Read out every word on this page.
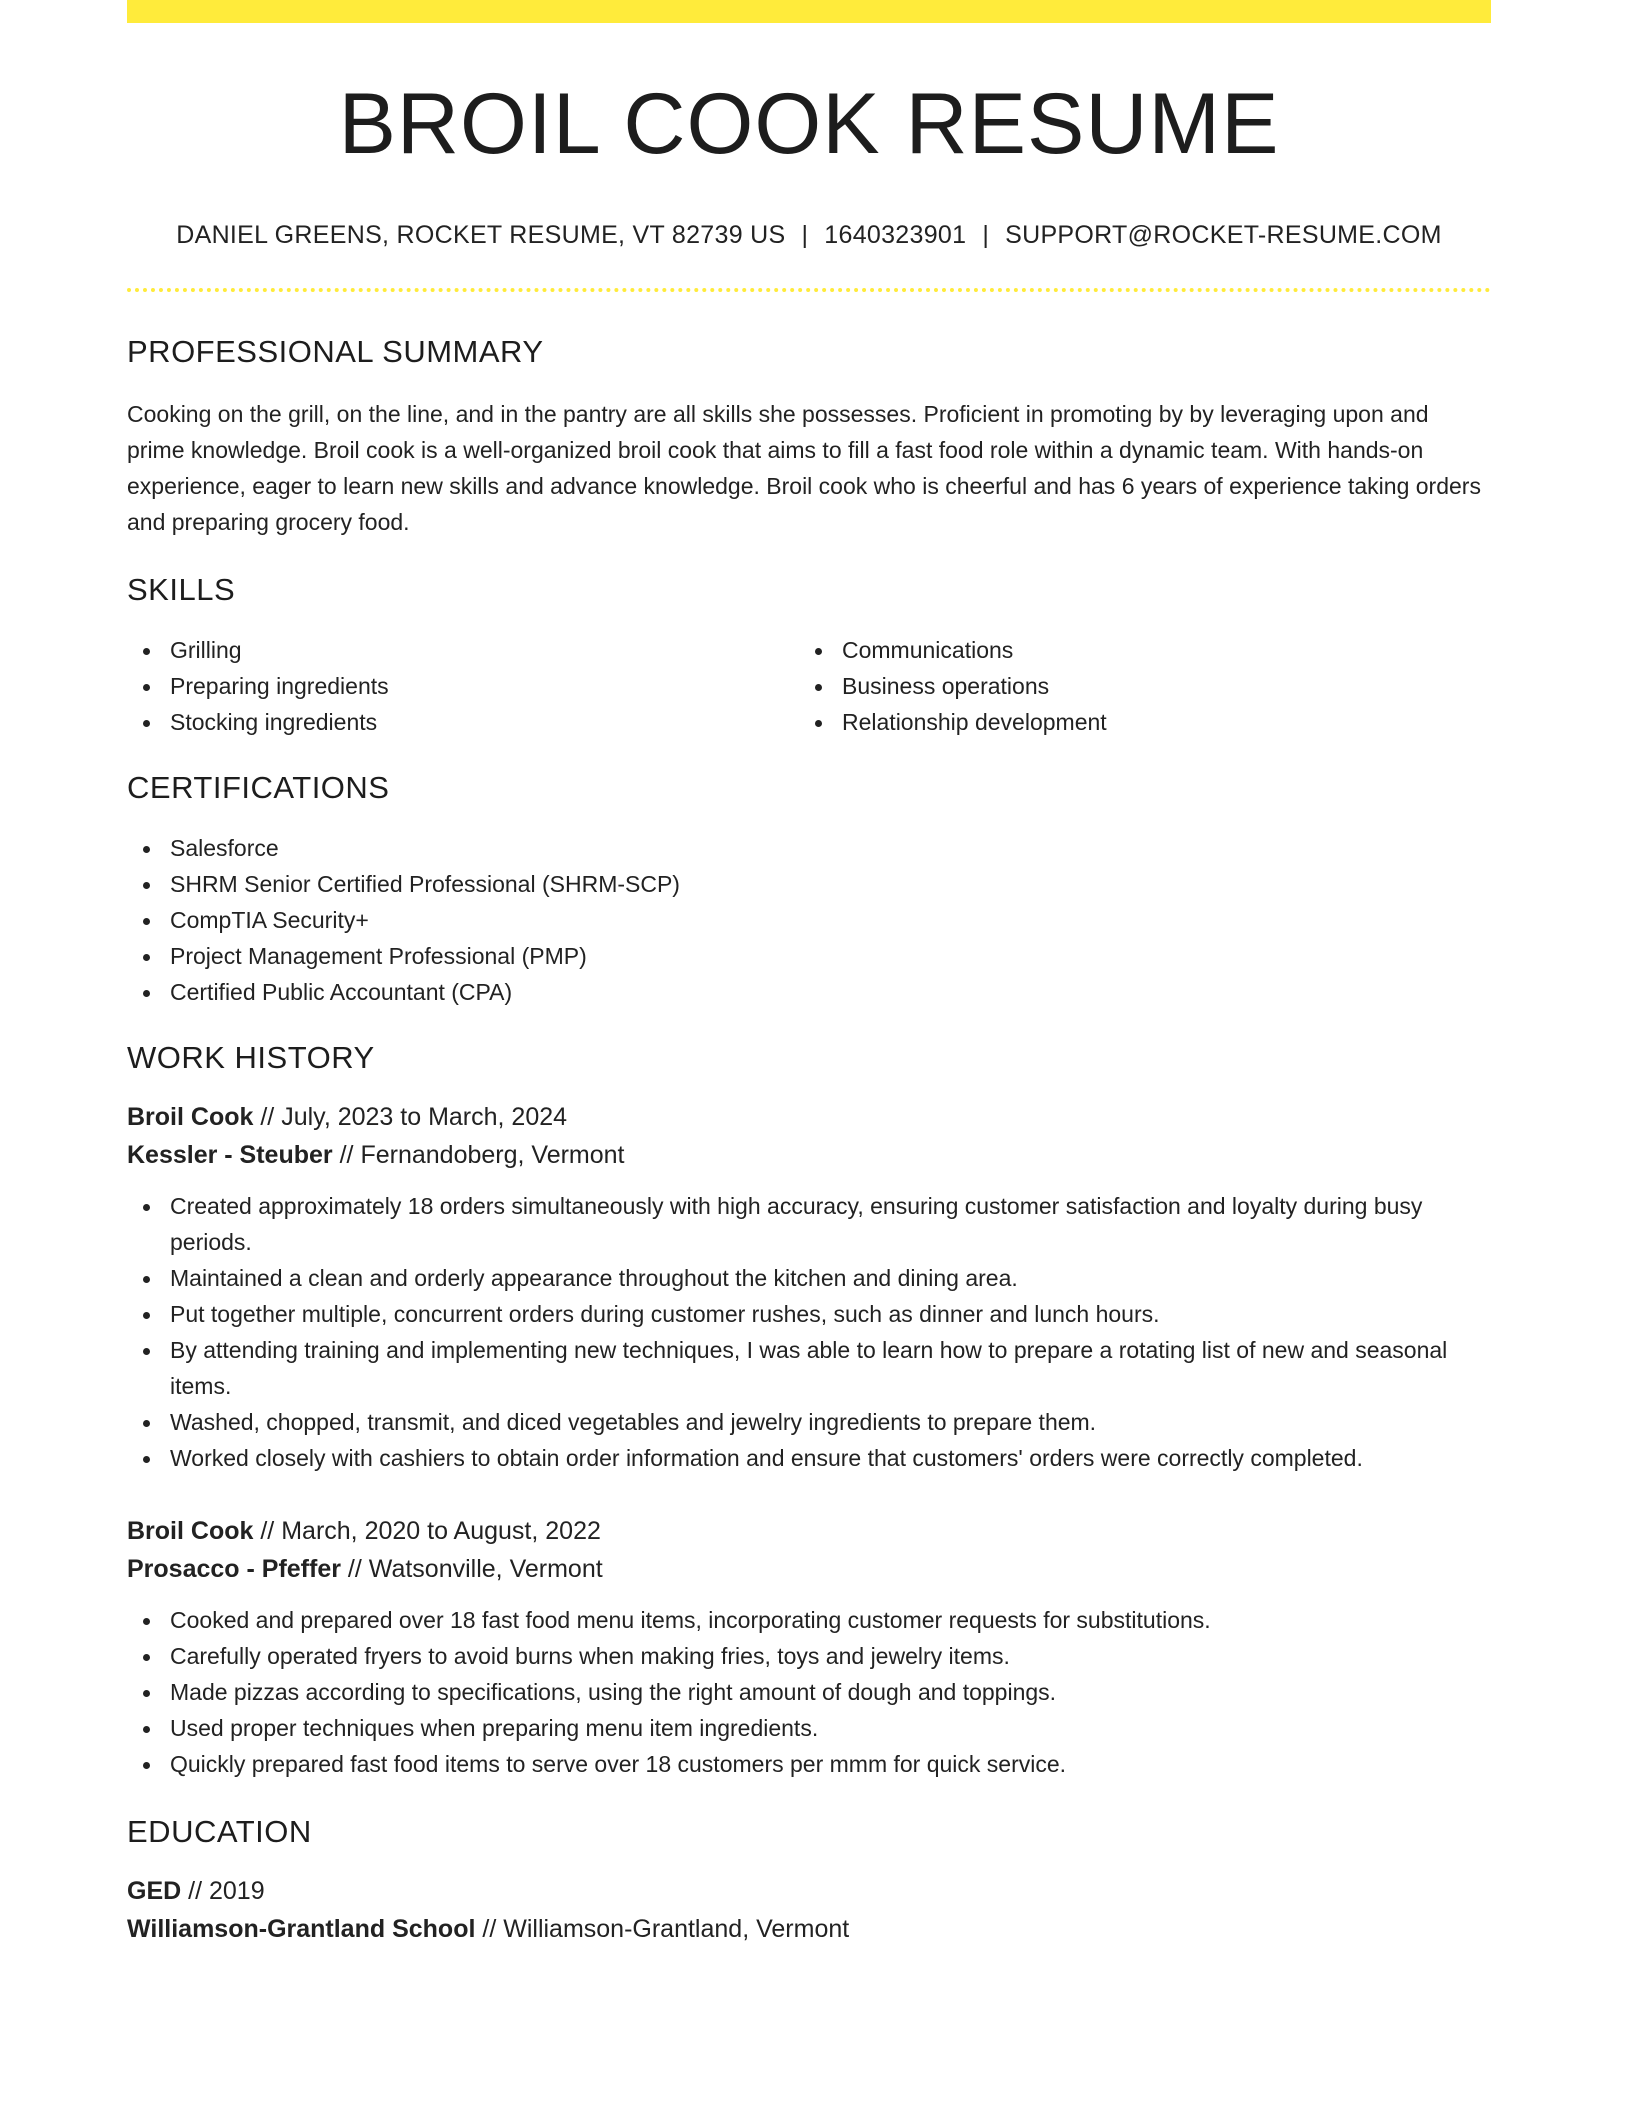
BROIL COOK RESUME
DANIEL GREENS, ROCKET RESUME, VT 82739 US | 1640323901 | SUPPORT@ROCKET-RESUME.COM
PROFESSIONAL SUMMARY

Cooking on the grill, on the line, and in the pantry are all skills she possesses. Proficient in promoting by by leveraging upon and prime knowledge. Broil cook is a well-organized broil cook that aims to fill a fast food role within a dynamic team. With hands-on experience, eager to learn new skills and advance knowledge. Broil cook who is cheerful and has 6 years of experience taking orders and preparing grocery food.

SKILLS
Grilling
Preparing ingredients
Stocking ingredients
Communications
Business operations
Relationship development
CERTIFICATIONS
Salesforce
SHRM Senior Certified Professional (SHRM-SCP)
CompTIA Security+
Project Management Professional (PMP)
Certified Public Accountant (CPA)
WORK HISTORY
Broil Cook // July, 2023 to March, 2024
Kessler - Steuber // Fernandoberg, Vermont
Created approximately 18 orders simultaneously with high accuracy, ensuring customer satisfaction and loyalty during busy periods.
Maintained a clean and orderly appearance throughout the kitchen and dining area.
Put together multiple, concurrent orders during customer rushes, such as dinner and lunch hours.
By attending training and implementing new techniques, I was able to learn how to prepare a rotating list of new and seasonal items.
Washed, chopped, transmit, and diced vegetables and jewelry ingredients to prepare them.
Worked closely with cashiers to obtain order information and ensure that customers' orders were correctly completed.
Broil Cook // March, 2020 to August, 2022
Prosacco - Pfeffer // Watsonville, Vermont
Cooked and prepared over 18 fast food menu items, incorporating customer requests for substitutions.
Carefully operated fryers to avoid burns when making fries, toys and jewelry items.
Made pizzas according to specifications, using the right amount of dough and toppings.
Used proper techniques when preparing menu item ingredients.
Quickly prepared fast food items to serve over 18 customers per mmm for quick service.
EDUCATION
GED // 2019
Williamson-Grantland School // Williamson-Grantland, Vermont
